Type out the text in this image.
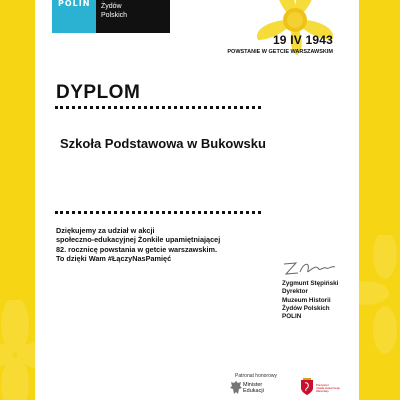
POLIN Żydów
Polskich
19 IV 1943
POWSTANIE W GETCIE WARSZAWSKIM
DYPLOM
Szkoła Podstawowa w Bukowsku
Dziękujemy za udział w akcji
społeczno-edukacyjnej Żonkile upamiętniającej
82. rocznicę powstania w getcie warszawskim.
To dzięki Wam #ŁączyNasPamięć
Zygmunt Stępiński
Dyrektor
Muzeum Historii
Żydów Polskich
POLIN
Patronat honorowy
Minister
Edukacji
Prezydent
miasta stołecznego
Warszawy
